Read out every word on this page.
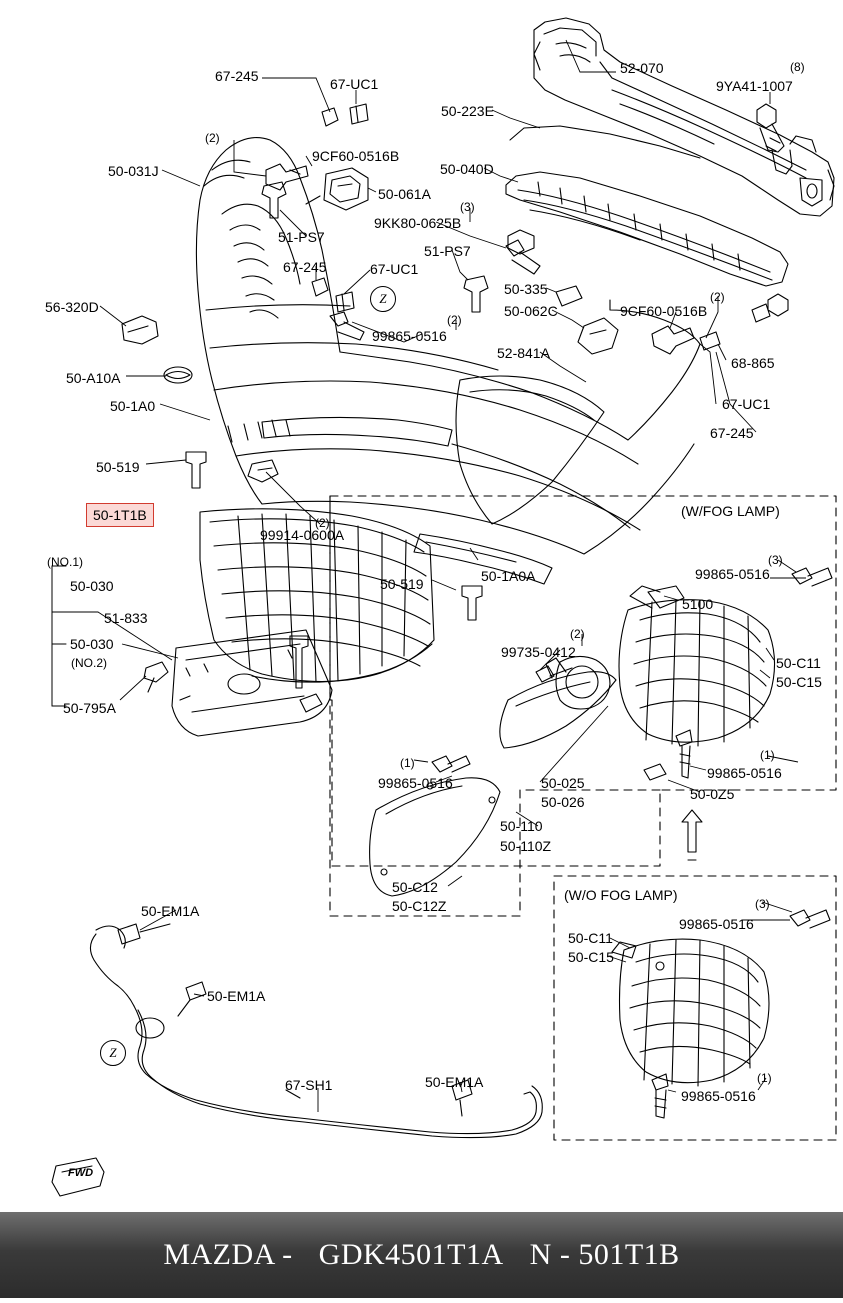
50-1T1B
Z
Z
FWD
67-245	67-UC1
52-070	(8)
9YA41-1007
50-223E
(2)
9CF60-0516B
50-040D
50-031J
50-061A
(3)
9KK80-0625B
51-PS7
51-PS7
67-245	67-UC1
50-335	(2)
56-320D	50-062C	9CF60-0516B
(2)
99865-0516
52-841A
68-865
50-A10A
67-UC1
50-1A0
67-245
50-519
(W/FOG LAMP)
(2)
99914-0600A
50-519	50-1A0A
(3)
99865-0516
(NO.1)
50-030
5100
51-833
(2)
50-030	99735-0412
(NO.2)	50-C11
50-C15
50-795A
(1)
99865-0516
(1)
50-0Z5
99865-0516	50-025
50-026
50-110
50-110Z
(W/O FOG LAMP)
(3)
50-C12
50-C12Z
99865-0516
50-C11
50-C15
50-EM1A
50-EM1A
(1)
50-EM1A
99865-0516
67-SH1
MAZDA - GDK4501T1A N - 501T1B
